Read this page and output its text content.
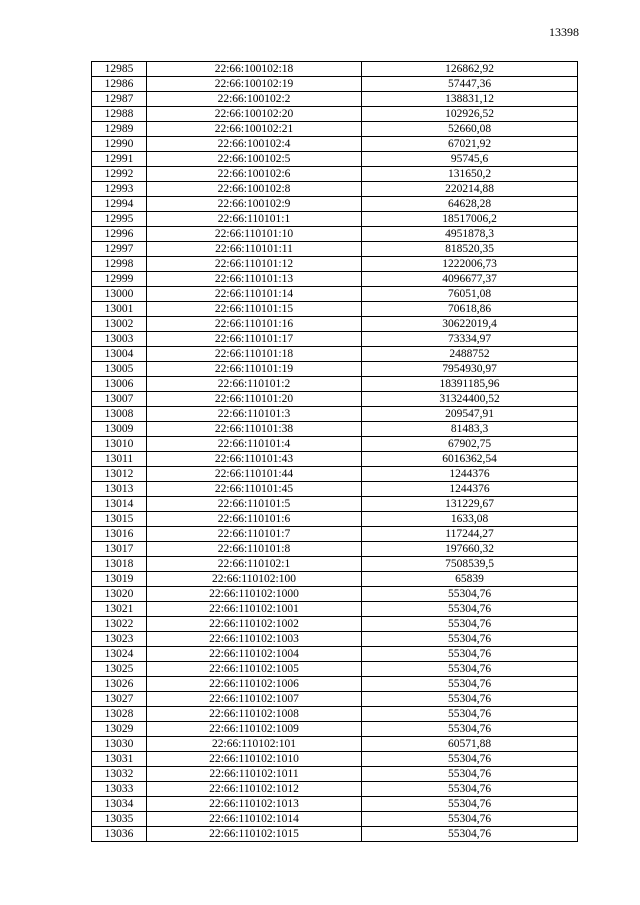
13398
12985	22:66:100102:18	126862,92
12986	22:66:100102:19	57447,36
12987	22:66:100102:2	138831,12
12988	22:66:100102:20	102926,52
12989	22:66:100102:21	52660,08
12990	22:66:100102:4	67021,92
12991	22:66:100102:5	95745,6
12992	22:66:100102:6	131650,2
12993	22:66:100102:8	220214,88
12994	22:66:100102:9	64628,28
12995	22:66:110101:1	18517006,2
12996	22:66:110101:10	4951878,3
12997	22:66:110101:11	818520,35
12998	22:66:110101:12	1222006,73
12999	22:66:110101:13	4096677,37
13000	22:66:110101:14	76051,08
13001	22:66:110101:15	70618,86
13002	22:66:110101:16	30622019,4
13003	22:66:110101:17	73334,97
13004	22:66:110101:18	2488752
13005	22:66:110101:19	7954930,97
13006	22:66:110101:2	18391185,96
13007	22:66:110101:20	31324400,52
13008	22:66:110101:3	209547,91
13009	22:66:110101:38	81483,3
13010	22:66:110101:4	67902,75
13011	22:66:110101:43	6016362,54
13012	22:66:110101:44	1244376
13013	22:66:110101:45	1244376
13014	22:66:110101:5	131229,67
13015	22:66:110101:6	1633,08
13016	22:66:110101:7	117244,27
13017	22:66:110101:8	197660,32
13018	22:66:110102:1	7508539,5
13019	22:66:110102:100	65839
13020	22:66:110102:1000	55304,76
13021	22:66:110102:1001	55304,76
13022	22:66:110102:1002	55304,76
13023	22:66:110102:1003	55304,76
13024	22:66:110102:1004	55304,76
13025	22:66:110102:1005	55304,76
13026	22:66:110102:1006	55304,76
13027	22:66:110102:1007	55304,76
13028	22:66:110102:1008	55304,76
13029	22:66:110102:1009	55304,76
13030	22:66:110102:101	60571,88
13031	22:66:110102:1010	55304,76
13032	22:66:110102:1011	55304,76
13033	22:66:110102:1012	55304,76
13034	22:66:110102:1013	55304,76
13035	22:66:110102:1014	55304,76
13036	22:66:110102:1015	55304,76
